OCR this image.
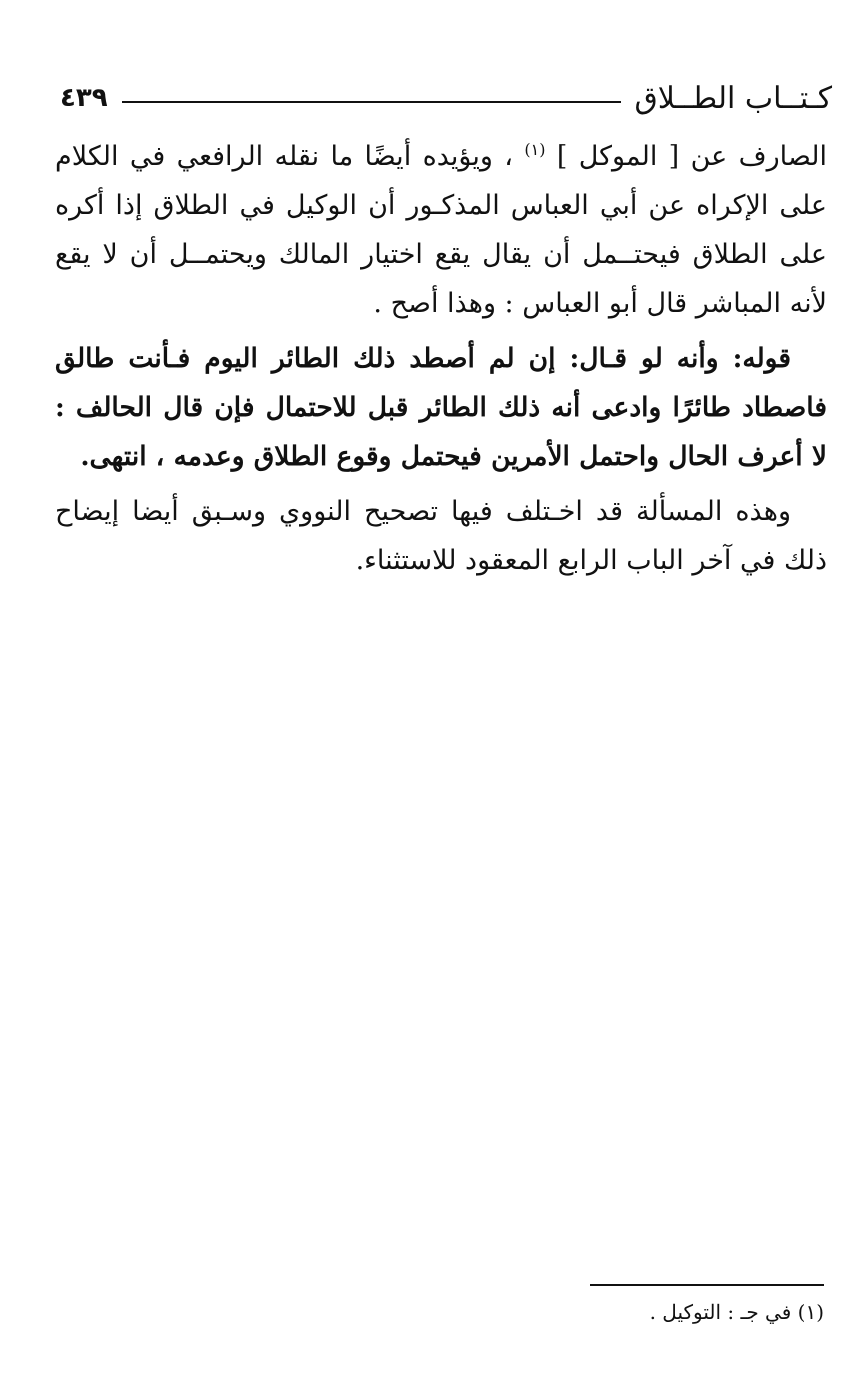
كـتــاب الطــلاق
٤٣٩

الصارف عن [ الموكل ] $^{(١)}$ ، ويؤيده أيضًا ما نقله الرافعي في الكلام على الإكراه عن أبي العباس المذكـور أن الوكيل في الطلاق إذا أكره على الطلاق فيحتــمل أن يقال يقع اختيار المالك ويحتمــل أن لا يقع لأنه المباشر قال أبو العباس : وهذا أصح .

قوله: وأنه لو قـال: إن لم أصطد ذلك الطائر اليوم فـأنت طالق فاصطاد طائرًا وادعى أنه ذلك الطائر قبل للاحتمال فإن قال الحالف : لا أعرف الحال واحتمل الأمرين فيحتمل وقوع الطلاق وعدمه ، انتهى.

وهذه المسألة قد اخـتلف فيها تصحيح النووي وسـبق أيضا إيضاح ذلك في آخر الباب الرابع المعقود للاستثناء.

(١) في جـ : التوكيل .
